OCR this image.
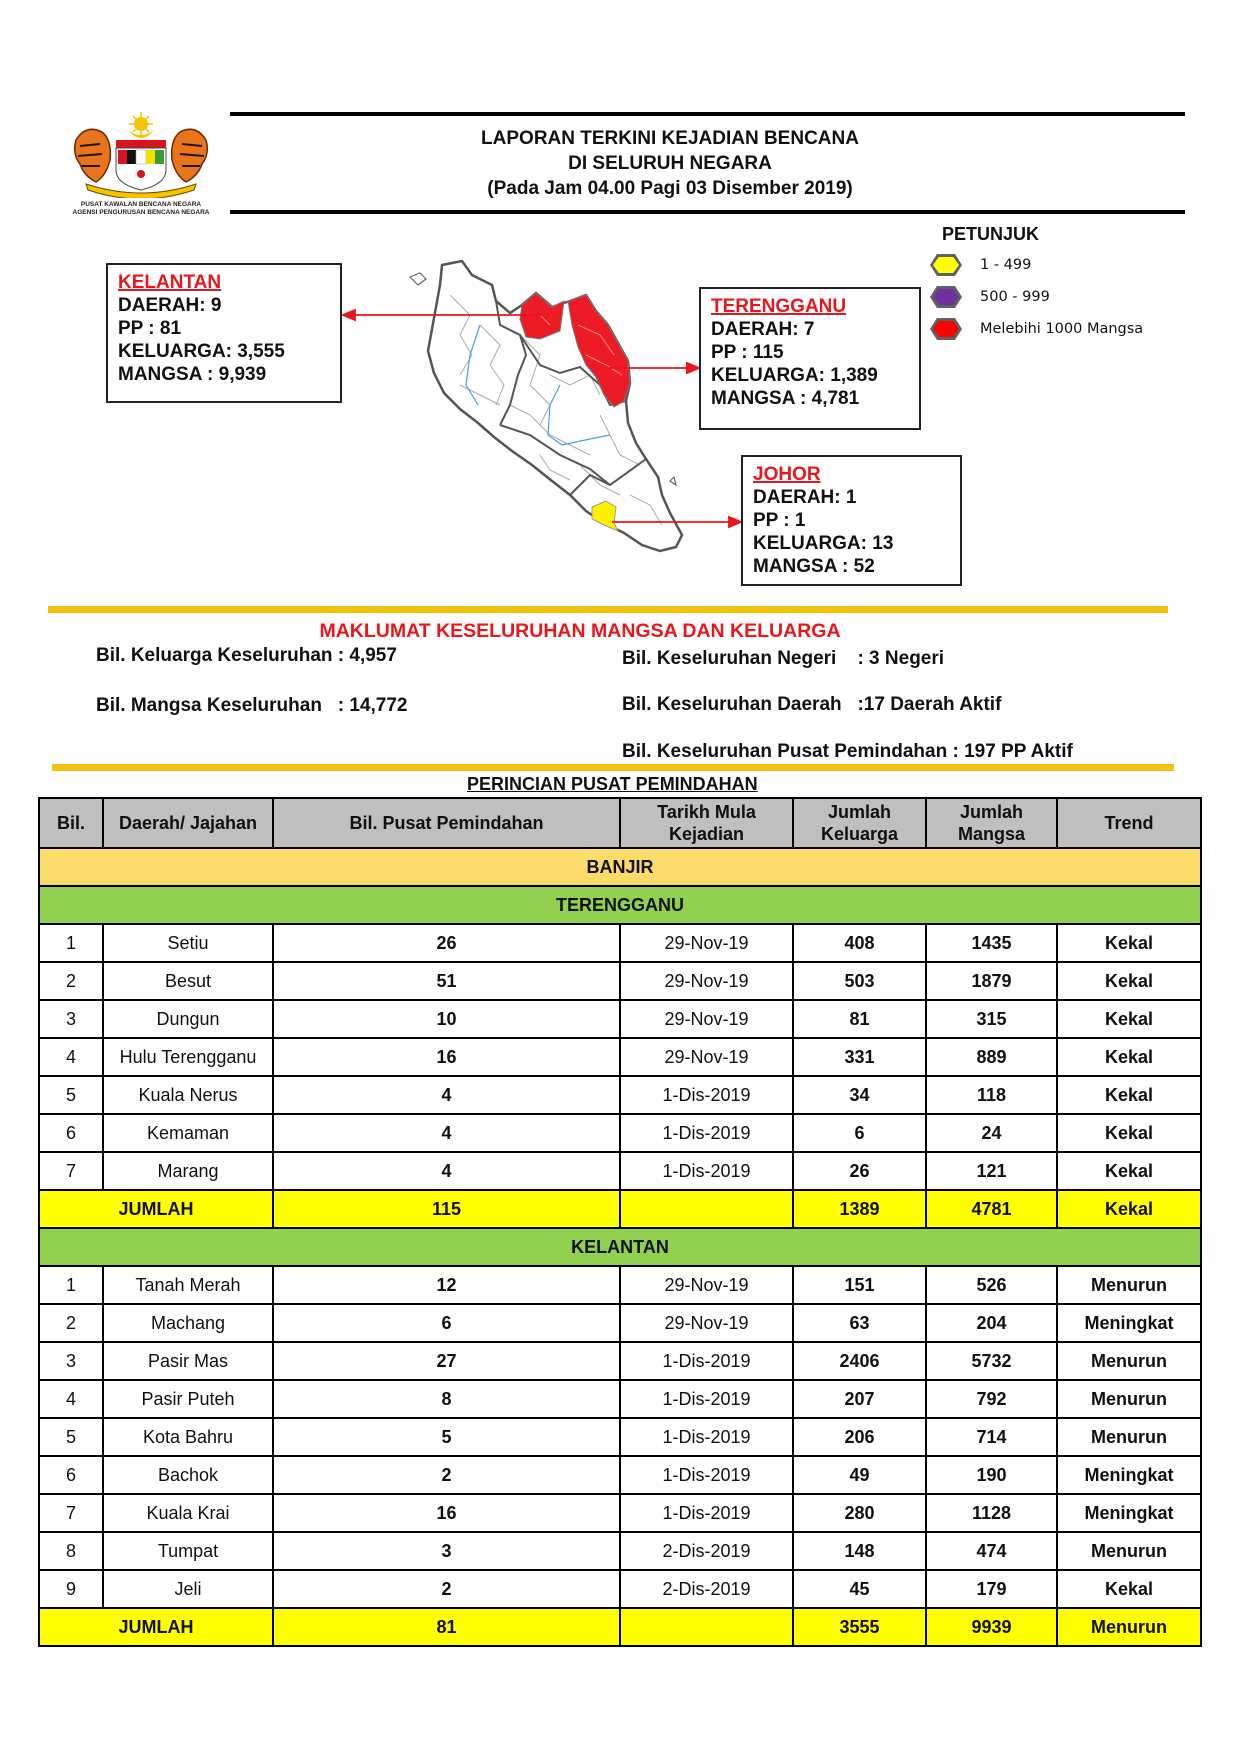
PUSAT KAWALAN BENCANA NEGARA
AGENSI PENGURUSAN BENCANA NEGARA
LAPORAN TERKINI KEJADIAN BENCANA
DI SELURUH NEGARA
(Pada Jam 04.00 Pagi 03 Disember 2019)
PETUNJUK
1 - 499
500 - 999
Melebihi 1000 Mangsa
KELANTAN
DAERAH: 9
PP : 81
KELUARGA: 3,555
MANGSA : 9,939
TERENGGANU
DAERAH: 7
PP : 115
KELUARGA: 1,389
MANGSA : 4,781
JOHOR
DAERAH: 1
PP : 1
KELUARGA: 13
MANGSA : 52
MAKLUMAT KESELURUHAN MANGSA DAN KELUARGA
Bil. Keluarga Keseluruhan : 4,957
Bil. Mangsa Keseluruhan   : 14,772
Bil. Keseluruhan Negeri    : 3 Negeri
Bil. Keseluruhan Daerah   :17 Daerah Aktif
Bil. Keseluruhan Pusat Pemindahan : 197 PP Aktif
PERINCIAN PUSAT PEMINDAHAN
Bil.	Daerah/ Jajahan	Bil. Pusat Pemindahan	Tarikh Mula Kejadian	Jumlah Keluarga	Jumlah Mangsa	Trend
BANJIR						
TERENGGANU						
1	Setiu	26	29-Nov-19	408	1435	Kekal
2	Besut	51	29-Nov-19	503	1879	Kekal
3	Dungun	10	29-Nov-19	81	315	Kekal
4	Hulu Terengganu	16	29-Nov-19	331	889	Kekal
5	Kuala Nerus	4	1-Dis-2019	34	118	Kekal
6	Kemaman	4	1-Dis-2019	6	24	Kekal
7	Marang	4	1-Dis-2019	26	121	Kekal
JUMLAH		115		1389	4781	Kekal
KELANTAN						
1	Tanah Merah	12	29-Nov-19	151	526	Menurun
2	Machang	6	29-Nov-19	63	204	Meningkat
3	Pasir Mas	27	1-Dis-2019	2406	5732	Menurun
4	Pasir Puteh	8	1-Dis-2019	207	792	Menurun
5	Kota Bahru	5	1-Dis-2019	206	714	Menurun
6	Bachok	2	1-Dis-2019	49	190	Meningkat
7	Kuala Krai	16	1-Dis-2019	280	1128	Meningkat
8	Tumpat	3	2-Dis-2019	148	474	Menurun
9	Jeli	2	2-Dis-2019	45	179	Kekal
JUMLAH		81		3555	9939	Menurun
